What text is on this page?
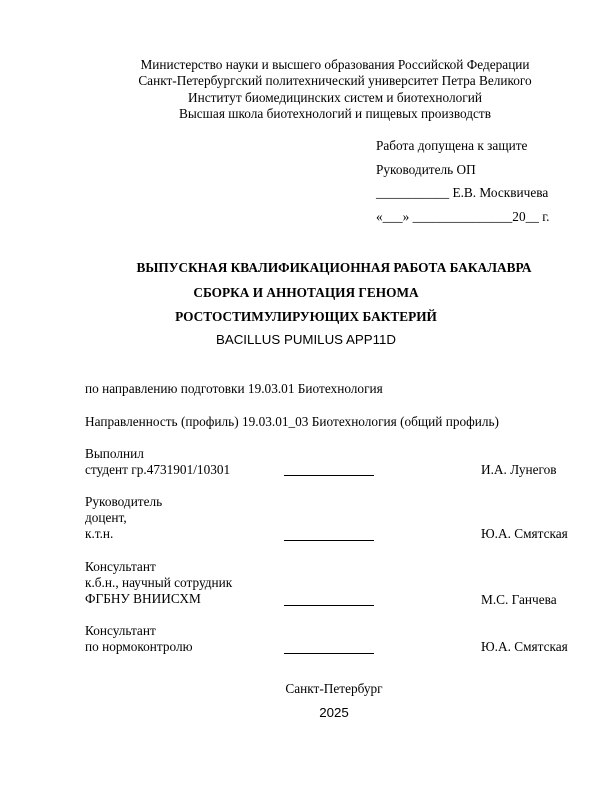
Министерство науки и высшего образования Российской Федерации
Санкт-Петербургский политехнический университет Петра Великого
Институт биомедицинских систем и биотехнологий
Высшая школа биотехнологий и пищевых производств
Работа допущена к защите
Руководитель ОП
___________ Е.В. Москвичева
«___» _______________20__ г.
ВЫПУСКНАЯ КВАЛИФИКАЦИОННАЯ РАБОТА БАКАЛАВРА
СБОРКА И АННОТАЦИЯ ГЕНОМА
РОСТОСТИМУЛИРУЮЩИХ БАКТЕРИЙ
BACILLUS PUMILUS APP11D
по направлению подготовки 19.03.01 Биотехнология
Направленность (профиль) 19.03.01_03 Биотехнология (общий профиль)
Выполнил
студент гр.4731901/10301	И.А. Лунегов
Руководитель
доцент,
к.т.н.	Ю.А. Смятская
Консультант
к.б.н., научный сотрудник
ФГБНУ ВНИИСХМ	М.С. Ганчева
Консультант
по нормоконтролю	Ю.А. Смятская
Санкт-Петербург
2025
